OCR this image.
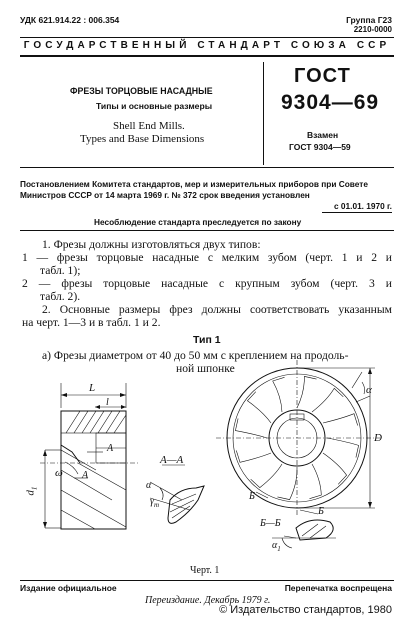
УДК 621.914.22 : 006.354	Группа Г23
2210-0000
ГОСУДАРСТВЕННЫЙ СТАНДАРТ СОЮЗА ССР
ФРЕЗЫ ТОРЦОВЫЕ НАСАДНЫЕ
Типы и основные размеры
Shell End Mills.
Types and Base Dimensions
ГОСТ
9304—69
Взамен
ГОСТ 9304—59
Постановлением Комитета стандартов, мер и измерительных приборов при Совете
Министров СССР от 14 марта 1969 г. № 372 срок введения установлен
с 01.01. 1970 г.
Несоблюдение стандарта преследуется по закону
1. Фрезы должны изготовляться двух типов:
1 — фрезы торцовые насадные с мелким зубом (черт. 1 и 2 и
табл. 1);
2 — фрезы торцовые насадные с крупным зубом (черт. 3 и
табл. 2).
2. Основные размеры фрез должны соответствовать указанным
на черт. 1—3 и в табл. 1 и 2.
Тип 1
а) Фрезы диаметром от 40 до 50 мм с креплением на продоль-
ной шпонке
L
l
$d_1$
ω
A
A
А—А
$\gamma_т$
α
D
α
Б
Б
Б—Б
$\alpha_1$
Черт. 1
Издание официальное	Перепечатка воспрещена
Переиздание. Декабрь 1979 г.
© Издательство стандартов, 1980
